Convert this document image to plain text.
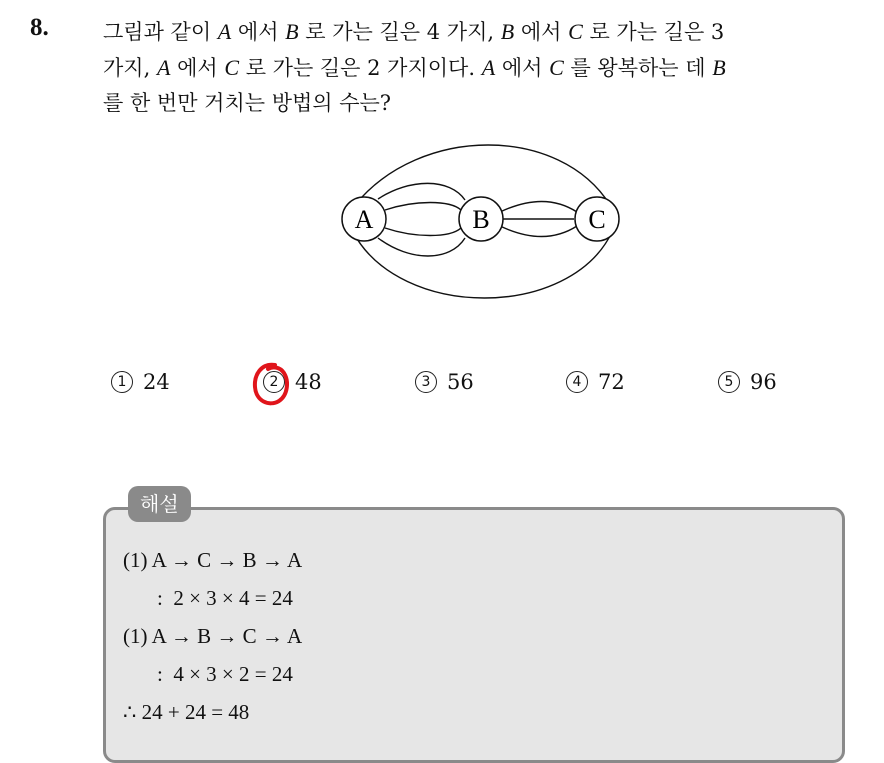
8.	그림과 같이 A 에서 B 로 가는 길은 4 가지, B 에서 C 로 가는 길은 3
가지, A 에서 C 로 가는 길은 2 가지이다. A 에서 C 를 왕복하는 데 B
를 한 번만 거치는 방법의 수는?
A	B	C
1 24	2 48	3 56	4 72	5 96
해설
(1) A → C → B → A
:  2 × 3 × 4 = 24
(1) A → B → C → A
:  4 × 3 × 2 = 24
∴ 24 + 24 = 48
